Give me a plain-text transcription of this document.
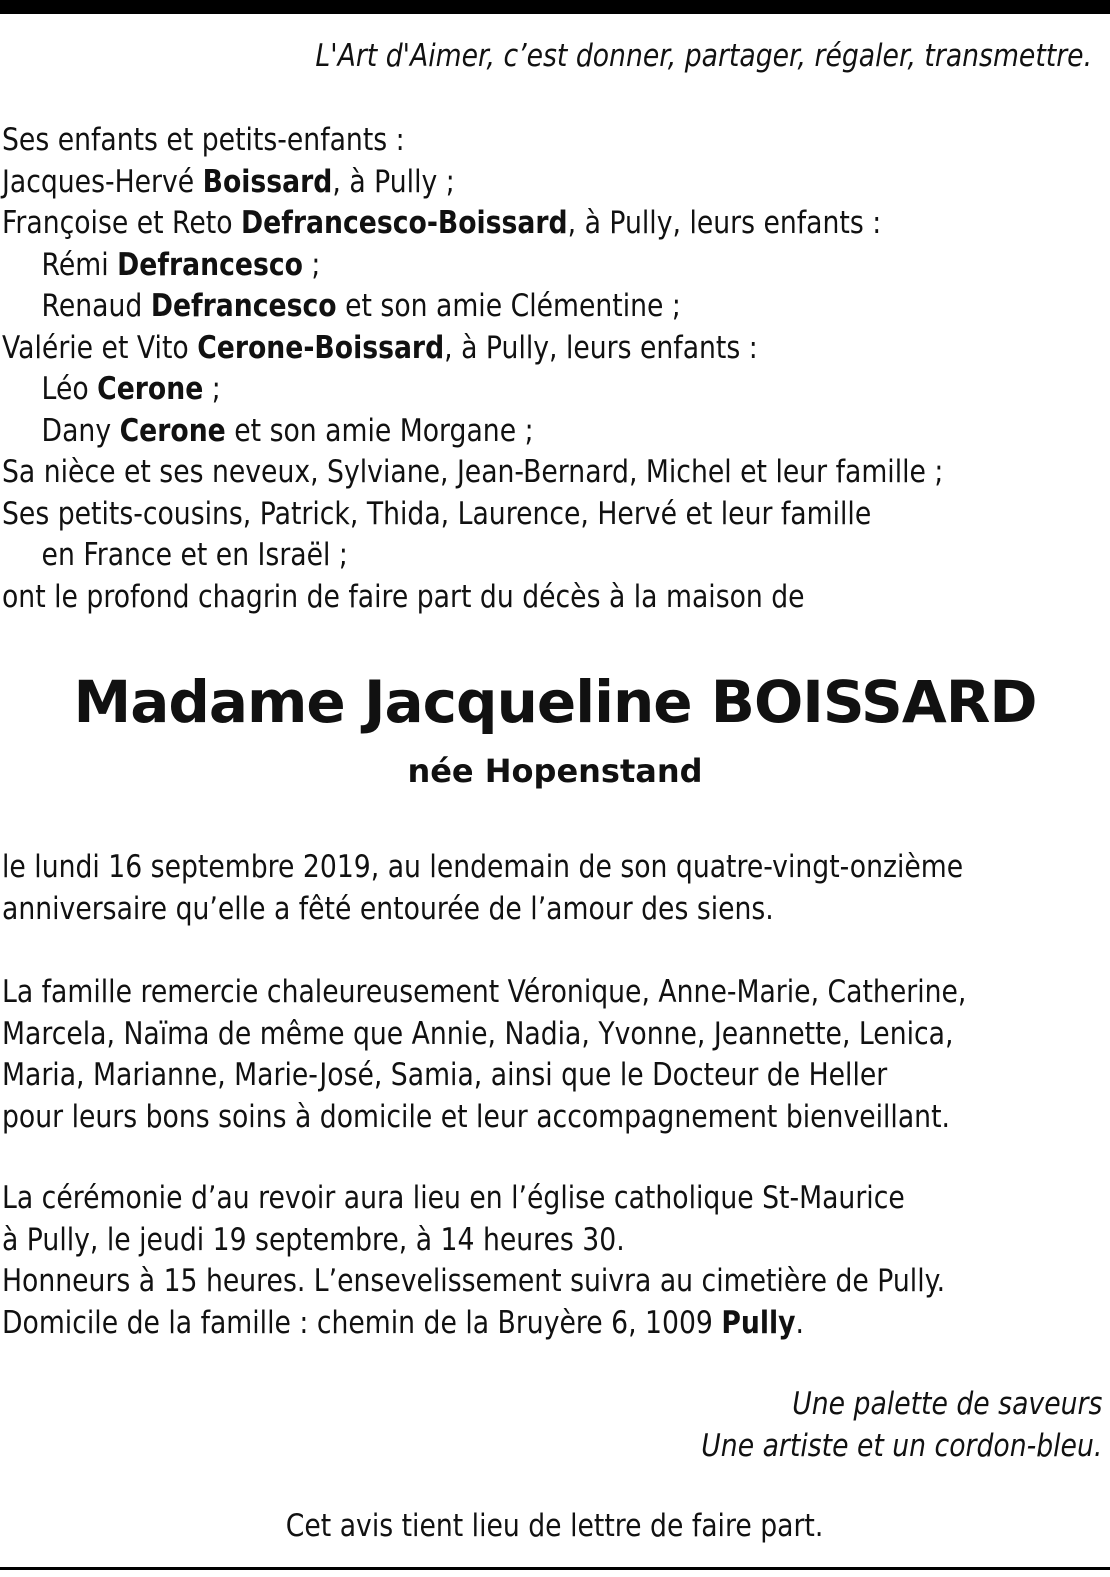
L'Art d'Aimer, c’est donner, partager, régaler, transmettre.
Ses enfants et petits-enfants :
Jacques-Hervé Boissard, à Pully ;
Françoise et Reto Defrancesco-Boissard, à Pully, leurs enfants :
Rémi Defrancesco ;
Renaud Defrancesco et son amie Clémentine ;
Valérie et Vito Cerone-Boissard, à Pully, leurs enfants :
Léo Cerone ;
Dany Cerone et son amie Morgane ;
Sa nièce et ses neveux, Sylviane, Jean-Bernard, Michel et leur famille ;
Ses petits-cousins, Patrick, Thida, Laurence, Hervé et leur famille
en France et en Israël ;
ont le profond chagrin de faire part du décès à la maison de
Madame Jacqueline BOISSARD
née Hopenstand
le lundi 16 septembre 2019, au lendemain de son quatre-vingt-onzième
anniversaire qu’elle a fêté entourée de l’amour des siens.
La famille remercie chaleureusement Véronique, Anne-Marie, Catherine,
Marcela, Naïma de même que Annie, Nadia, Yvonne, Jeannette, Lenica,
Maria, Marianne, Marie-José, Samia, ainsi que le Docteur de Heller
pour leurs bons soins à domicile et leur accompagnement bienveillant.
La cérémonie d’au revoir aura lieu en l’église catholique St-Maurice
à Pully, le jeudi 19 septembre, à 14 heures 30.
Honneurs à 15 heures. L’ensevelissement suivra au cimetière de Pully.
Domicile de la famille : chemin de la Bruyère 6, 1009 Pully.
Une palette de saveurs
Une artiste et un cordon-bleu.
Cet avis tient lieu de lettre de faire part.
